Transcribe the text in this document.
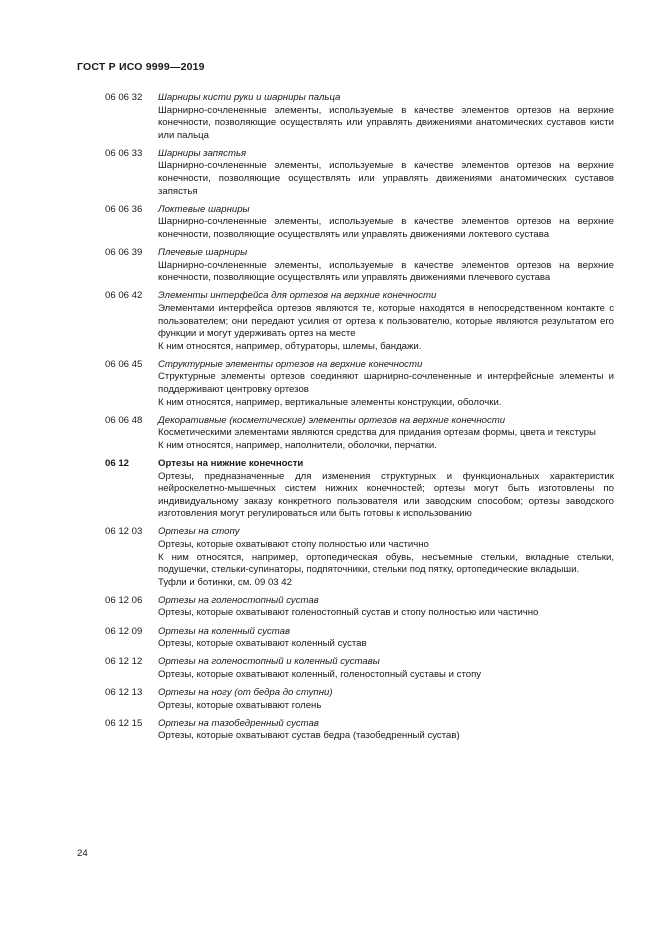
ГОСТ Р ИСО 9999—2019
06 06 32	Шарниры кисти руки и шарниры пальца
Шарнирно-сочлененные элементы, используемые в качестве элементов ортезов на верхние конечности, позволяющие осуществлять или управлять движениями анатомических суставов кисти или пальца
06 06 33	Шарниры запястья
Шарнирно-сочлененные элементы, используемые в качестве элементов ортезов на верхние конечности, позволяющие осуществлять или управлять движениями анатомических суставов запястья
06 06 36	Локтевые шарниры
Шарнирно-сочлененные элементы, используемые в качестве элементов ортезов на верхние конечности, позволяющие осуществлять или управлять движениями локтевого сустава
06 06 39	Плечевые шарниры
Шарнирно-сочлененные элементы, используемые в качестве элементов ортезов на верхние конечности, позволяющие осуществлять или управлять движениями плечевого сустава
06 06 42	Элементы интерфейса для ортезов на верхние конечности
Элементами интерфейса ортезов являются те, которые находятся в непосредственном контакте с пользователем; они передают усилия от ортеза к пользователю, которые являются результатом его функции и могут удерживать ортез на месте
К ним относятся, например, обтураторы, шлемы, бандажи.
06 06 45	Структурные элементы ортезов на верхние конечности
Структурные элементы ортезов соединяют шарнирно-сочлененные и интерфейсные элементы и поддерживают центровку ортезов
К ним относятся, например, вертикальные элементы конструкции, оболочки.
06 06 48	Декоративные (косметические) элементы ортезов на верхние конечности
Косметическими элементами являются средства для придания ортезам формы, цвета и текстуры
К ним относятся, например, наполнители, оболочки, перчатки.
06 12	Ортезы на нижние конечности
Ортезы, предназначенные для изменения структурных и функциональных характеристик нейроскелетно-мышечных систем нижних конечностей; ортезы могут быть изготовлены по индивидуальному заказу конкретного пользователя или заводским способом; ортезы заводского изготовления могут регулироваться или быть готовы к использованию
06 12 03	Ортезы на стопу
Ортезы, которые охватывают стопу полностью или частично
К ним относятся, например, ортопедическая обувь, несъемные стельки, вкладные стельки, подушечки, стельки-супинаторы, подпяточники, стельки под пятку, ортопедические вкладыши.
Туфли и ботинки, см. 09 03 42
06 12 06	Ортезы на голеностопный сустав
Ортезы, которые охватывают голеностопный сустав и стопу полностью или частично
06 12 09	Ортезы на коленный сустав
Ортезы, которые охватывают коленный сустав
06 12 12	Ортезы на голеностопный и коленный суставы
Ортезы, которые охватывают коленный, голеностопный суставы и стопу
06 12 13	Ортезы на ногу (от бедра до ступни)
Ортезы, которые охватывают голень
06 12 15	Ортезы на тазобедренный сустав
Ортезы, которые охватывают сустав бедра (тазобедренный сустав)
24
